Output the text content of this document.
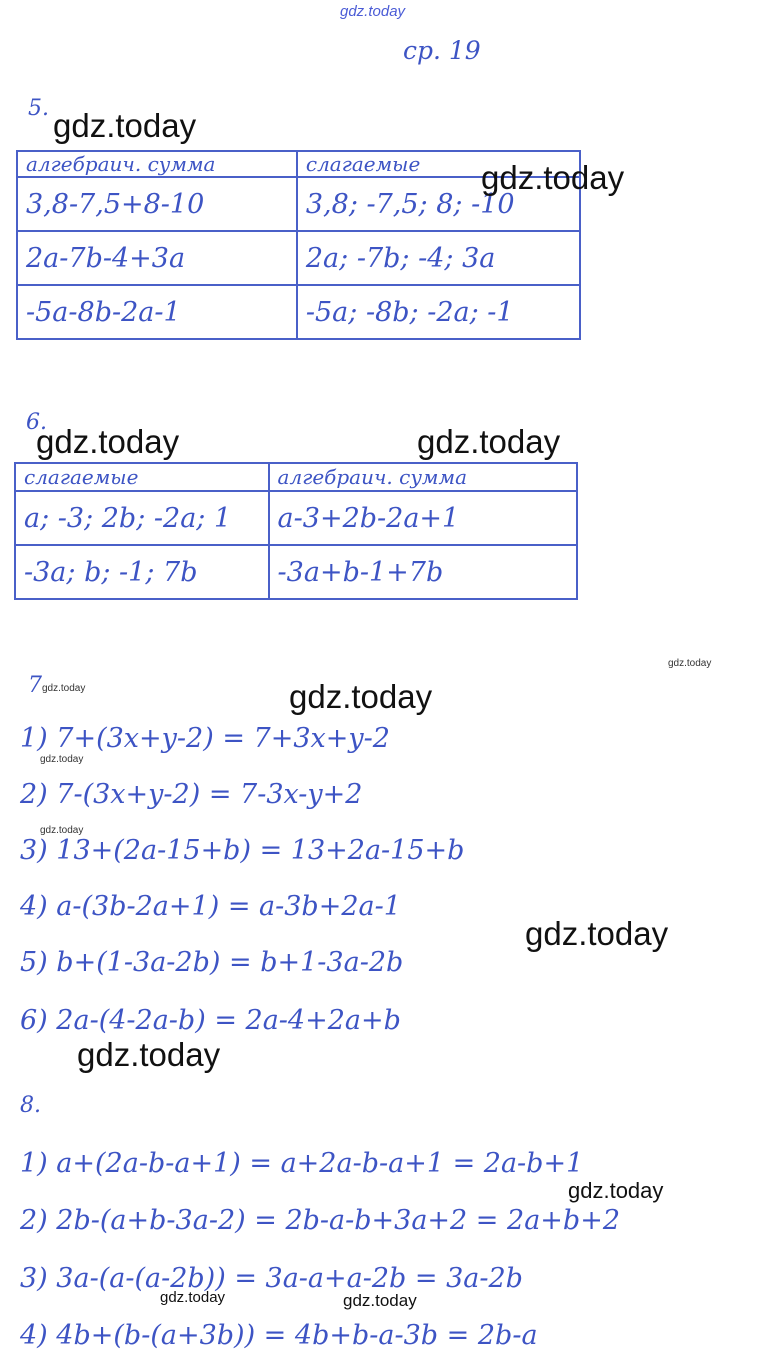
gdz.today
ср. 19
5. gdz.today
алгебраич. сумма	слагаемые
3,8-7,5+8-10	3,8; -7,5; 8; -10
2a-7b-4+3a	2a; -7b; -4; 3a
-5a-8b-2a-1	-5a; -8b; -2a; -1
gdz.today
6.
gdz.today	gdz.today
слагаемые	алгебраич. сумма
a; -3; 2b; -2a; 1	a-3+2b-2a+1
-3a; b; -1; 7b	-3a+b-1+7b
gdz.today
7 gdz.today	gdz.today
1) 7+(3x+y-2) = 7+3x+y-2
gdz.today
2) 7-(3x+y-2) = 7-3x-y+2
gdz.today
3) 13+(2a-15+b) = 13+2a-15+b
4) a-(3b-2a+1) = a-3b+2a-1
gdz.today
5) b+(1-3a-2b) = b+1-3a-2b
6) 2a-(4-2a-b) = 2a-4+2a+b
gdz.today
8.
1) a+(2a-b-a+1) = a+2a-b-a+1 = 2a-b+1
gdz.today
2) 2b-(a+b-3a-2) = 2b-a-b+3a+2 = 2a+b+2
3) 3a-(a-(a-2b)) = 3a-a+a-2b = 3a-2b
gdz.today	gdz.today
4) 4b+(b-(a+3b)) = 4b+b-a-3b = 2b-a
